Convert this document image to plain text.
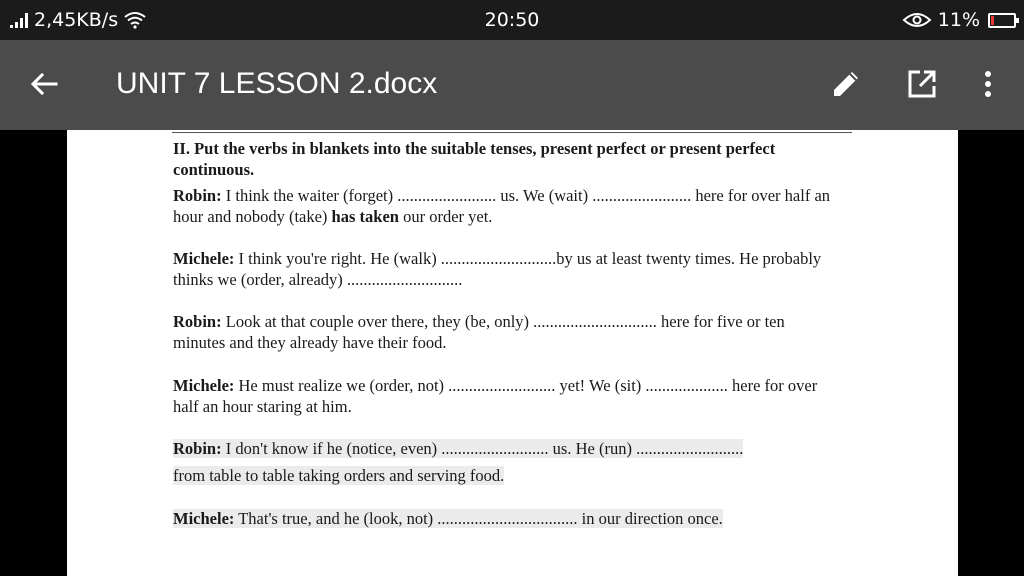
2,45KB/s	20:50	11%
UNIT 7 LESSON 2.docx
II. Put the verbs in blankets into the suitable tenses, present perfect or present perfect
continuous.
Robin: I think the waiter (forget) ........................ us. We (wait) ........................ here for over half an
hour and nobody (take) has taken our order yet.
Michele: I think you're right. He (walk) ............................by us at least twenty times. He probably
thinks we (order, already) ............................
Robin: Look at that couple over there, they (be, only) .............................. here for five or ten
minutes and they already have their food.
Michele: He must realize we (order, not) .......................... yet! We (sit) .................... here for over
half an hour staring at him.
Robin: I don't know if he (notice, even) .......................... us. He (run) ..........................
from table to table taking orders and serving food.
Michele: That's true, and he (look, not) .................................. in our direction once.
